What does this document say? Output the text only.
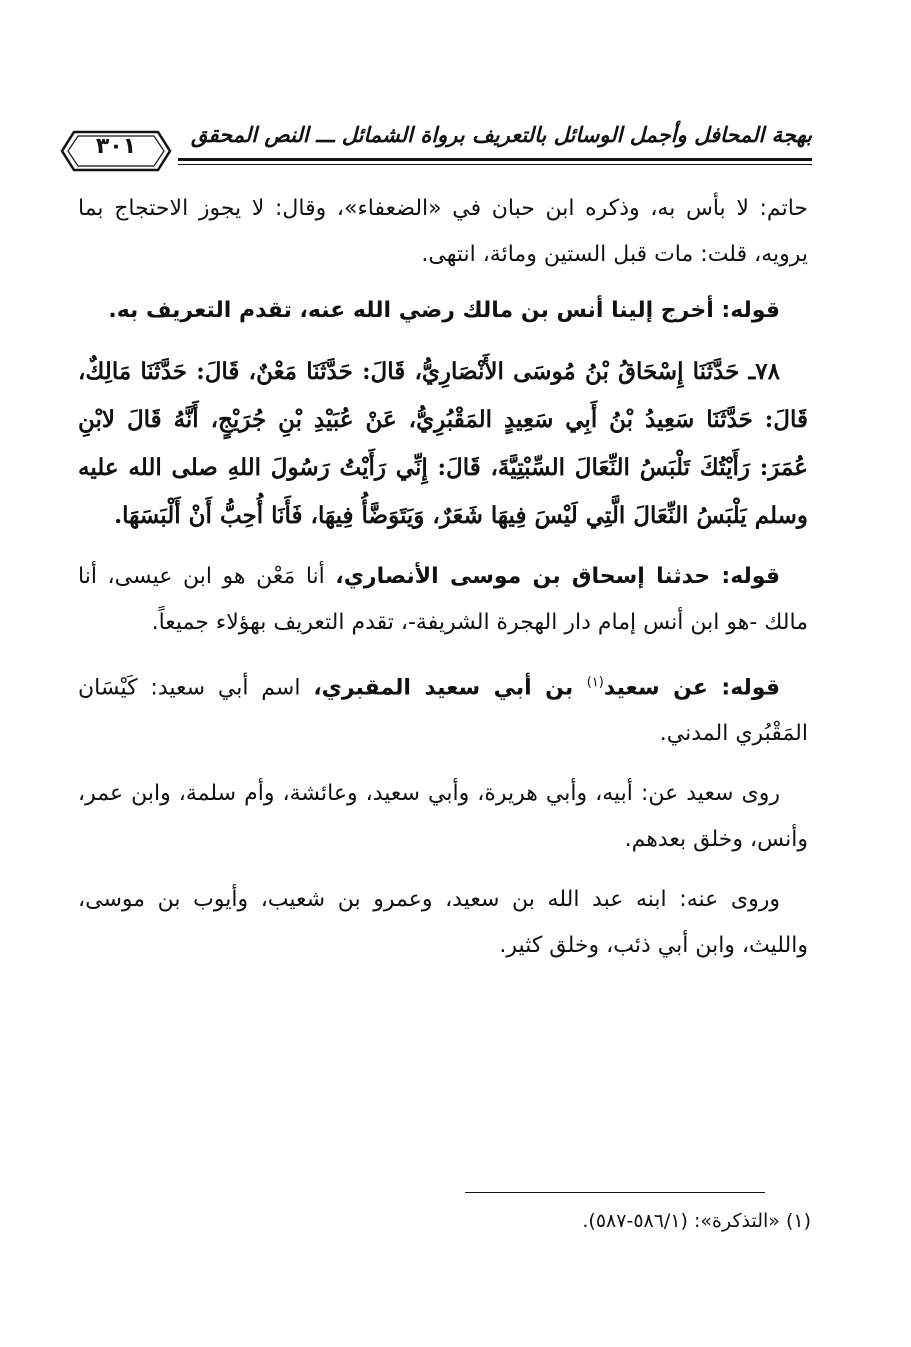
بهجة المحافل وأجمل الوسائل بالتعريف برواة الشمائل ـــ النص المحقق
٣٠١

حاتم: لا بأس به، وذكره ابن حبان في «الضعفاء»، وقال: لا يجوز الاحتجاج بما يرويه، قلت: مات قبل الستين ومائة، انتهى.

قوله: أخرج إلينا أنس بن مالك رضي الله عنه، تقدم التعريف به.

٧٨ـ حَدَّثَنَا إِسْحَاقُ بْنُ مُوسَى الأَنْصَارِيُّ، قَالَ: حَدَّثَنَا مَعْنٌ، قَالَ: حَدَّثَنَا مَالِكٌ، قَالَ: حَدَّثَنَا سَعِيدُ بْنُ أَبِي سَعِيدٍ المَقْبُرِيُّ، عَنْ عُبَيْدِ بْنِ جُرَيْجٍ، أَنَّهُ قَالَ لابْنِ عُمَرَ: رَأَيْتُكَ تَلْبَسُ النِّعَالَ السِّبْتِيَّةَ، قَالَ: إِنِّي رَأَيْتُ رَسُولَ اللهِ صلى الله عليه وسلم يَلْبَسُ النِّعَالَ الَّتِي لَيْسَ فِيهَا شَعَرٌ، وَيَتَوَضَّأُ فِيهَا، فَأَنَا أُحِبُّ أَنْ أَلْبَسَهَا.

قوله: حدثنا إسحاق بن موسى الأنصاري، أنا مَعْن هو ابن عيسى، أنا مالك -هو ابن أنس إمام دار الهجرة الشريفة-، تقدم التعريف بهؤلاء جميعاً.

قوله: عن سعيد$^{(١)}$ بن أبي سعيد المقبري، اسم أبي سعيد: كَيْسَان المَقْبُري المدني.

روى سعيد عن: أبيه، وأبي هريرة، وأبي سعيد، وعائشة، وأم سلمة، وابن عمر، وأنس، وخلق بعدهم.

وروى عنه: ابنه عبد الله بن سعيد، وعمرو بن شعيب، وأيوب بن موسى، والليث، وابن أبي ذئب، وخلق كثير.

(١) «التذكرة»: (٥٨٦/١-٥٨٧).
